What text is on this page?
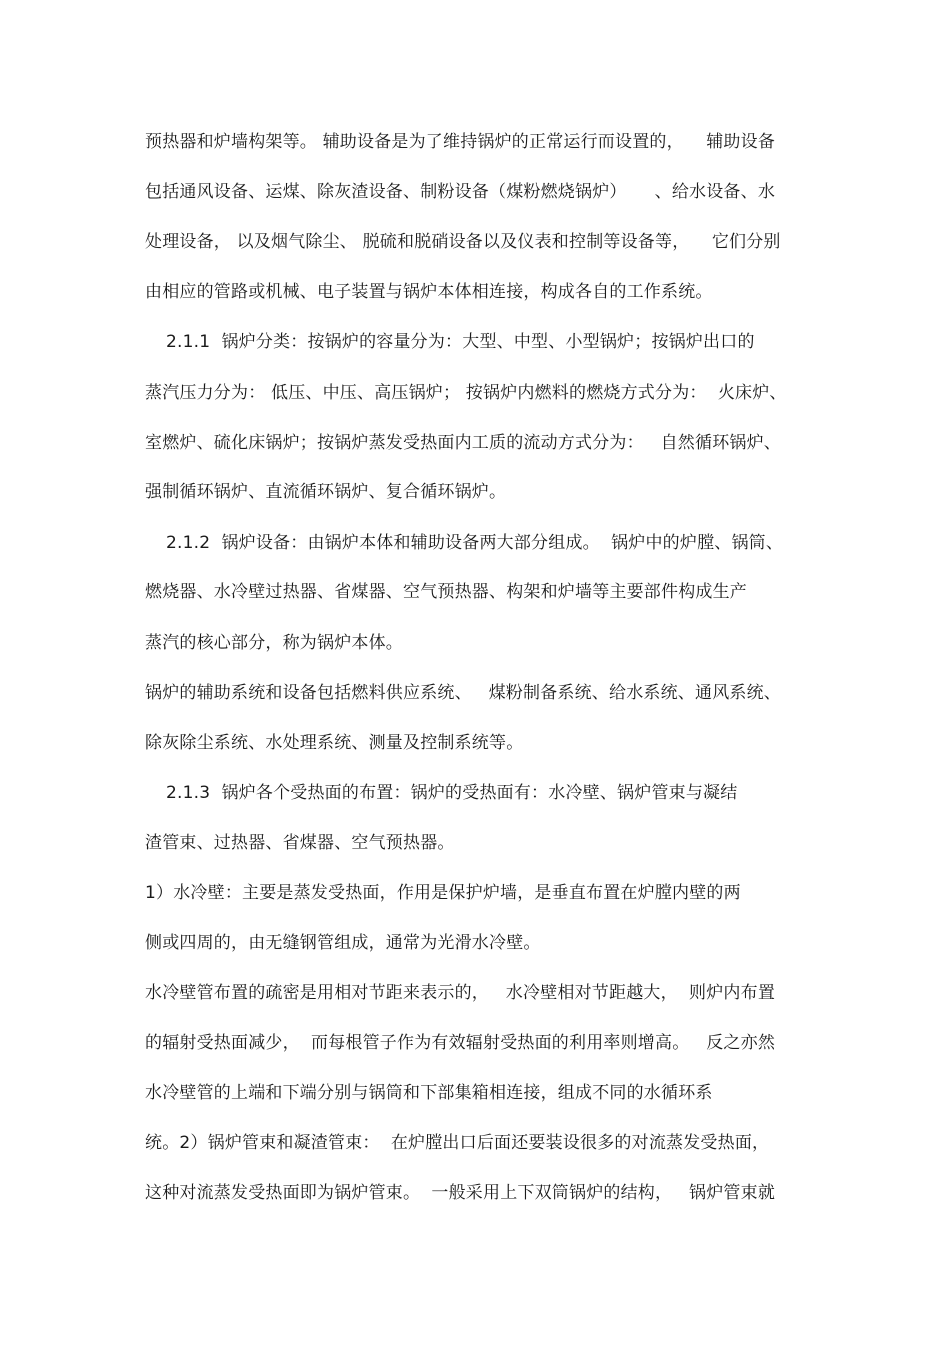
预热器和炉墙构架等。 辅助设备是为了维持锅炉的正常运行而设置的，    辅助设备
包括通风设备、运煤、除灰渣设备、制粉设备（煤粉燃烧锅炉）     、给水设备、水
处理设备， 以及烟气除尘、 脱硫和脱硝设备以及仪表和控制等设备等，    它们分别
由相应的管路或机械、电子装置与锅炉本体相连接，构成各自的工作系统。
2.1.1  锅炉分类：按锅炉的容量分为：大型、中型、小型锅炉；按锅炉出口的
蒸汽压力分为： 低压、中压、高压锅炉； 按锅炉内燃料的燃烧方式分为：  火床炉、
室燃炉、硫化床锅炉；按锅炉蒸发受热面内工质的流动方式分为：   自然循环锅炉、
强制循环锅炉、直流循环锅炉、复合循环锅炉。
2.1.2  锅炉设备：由锅炉本体和辅助设备两大部分组成。  锅炉中的炉膛、锅筒、
燃烧器、水冷壁过热器、省煤器、空气预热器、构架和炉墙等主要部件构成生产
蒸汽的核心部分，称为锅炉本体。
锅炉的辅助系统和设备包括燃料供应系统、   煤粉制备系统、给水系统、通风系统、
除灰除尘系统、水处理系统、测量及控制系统等。
2.1.3  锅炉各个受热面的布置：锅炉的受热面有：水冷壁、锅炉管束与凝结
渣管束、过热器、省煤器、空气预热器。
1）水冷壁：主要是蒸发受热面，作用是保护炉墙，是垂直布置在炉膛内壁的两
侧或四周的，由无缝钢管组成，通常为光滑水冷壁。
水冷壁管布置的疏密是用相对节距来表示的，   水冷壁相对节距越大，  则炉内布置
的辐射受热面减少，  而每根管子作为有效辐射受热面的利用率则增高。   反之亦然
水冷壁管的上端和下端分别与锅筒和下部集箱相连接，组成不同的水循环系
统。2）锅炉管束和凝渣管束：  在炉膛出口后面还要装设很多的对流蒸发受热面，
这种对流蒸发受热面即为锅炉管束。  一般采用上下双筒锅炉的结构，   锅炉管束就
